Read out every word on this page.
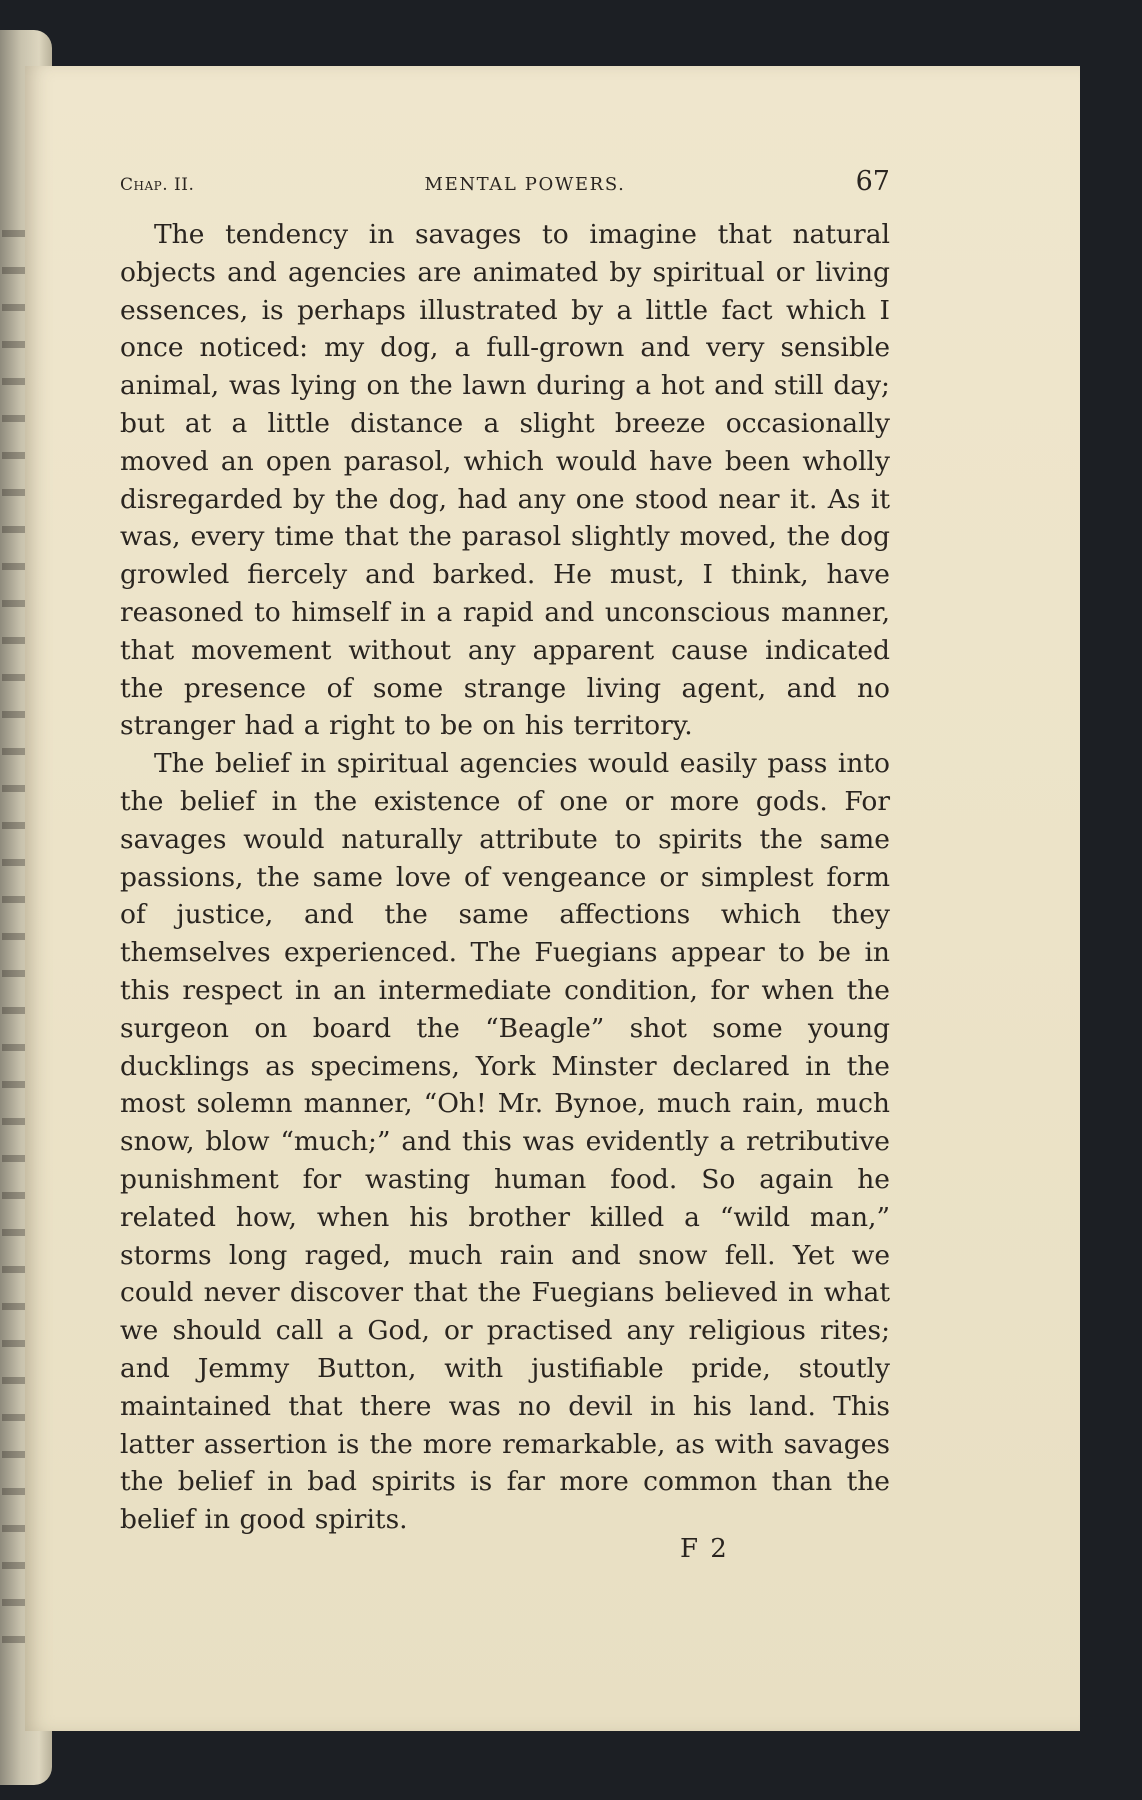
Chap. II.	MENTAL POWERS.	67

The tendency in savages to imagine that natural objects and agencies are animated by spiritual or living essences, is perhaps illustrated by a little fact which I once noticed: my dog, a full-grown and very sensible animal, was lying on the lawn during a hot and still day; but at a little distance a slight breeze occasionally moved an open parasol, which would have been wholly disregarded by the dog, had any one stood near it. As it was, every time that the parasol slightly moved, the dog growled fiercely and barked. He must, I think, have reasoned to himself in a rapid and unconscious manner, that movement without any apparent cause indicated the presence of some strange living agent, and no stranger had a right to be on his territory.

The belief in spiritual agencies would easily pass into the belief in the existence of one or more gods. For savages would naturally attribute to spirits the same passions, the same love of vengeance or simplest form of justice, and the same affections which they themselves experienced. The Fuegians appear to be in this respect in an intermediate condition, for when the surgeon on board the “Beagle” shot some young ducklings as specimens, York Minster declared in the most solemn manner, “Oh! Mr. Bynoe, much rain, much snow, blow “much;” and this was evidently a retributive punishment for wasting human food. So again he related how, when his brother killed a “wild man,” storms long raged, much rain and snow fell. Yet we could never discover that the Fuegians believed in what we should call a God, or practised any religious rites; and Jemmy Button, with justifiable pride, stoutly maintained that there was no devil in his land. This latter assertion is the more remarkable, as with savages the belief in bad spirits is far more common than the belief in good spirits.

F 2
